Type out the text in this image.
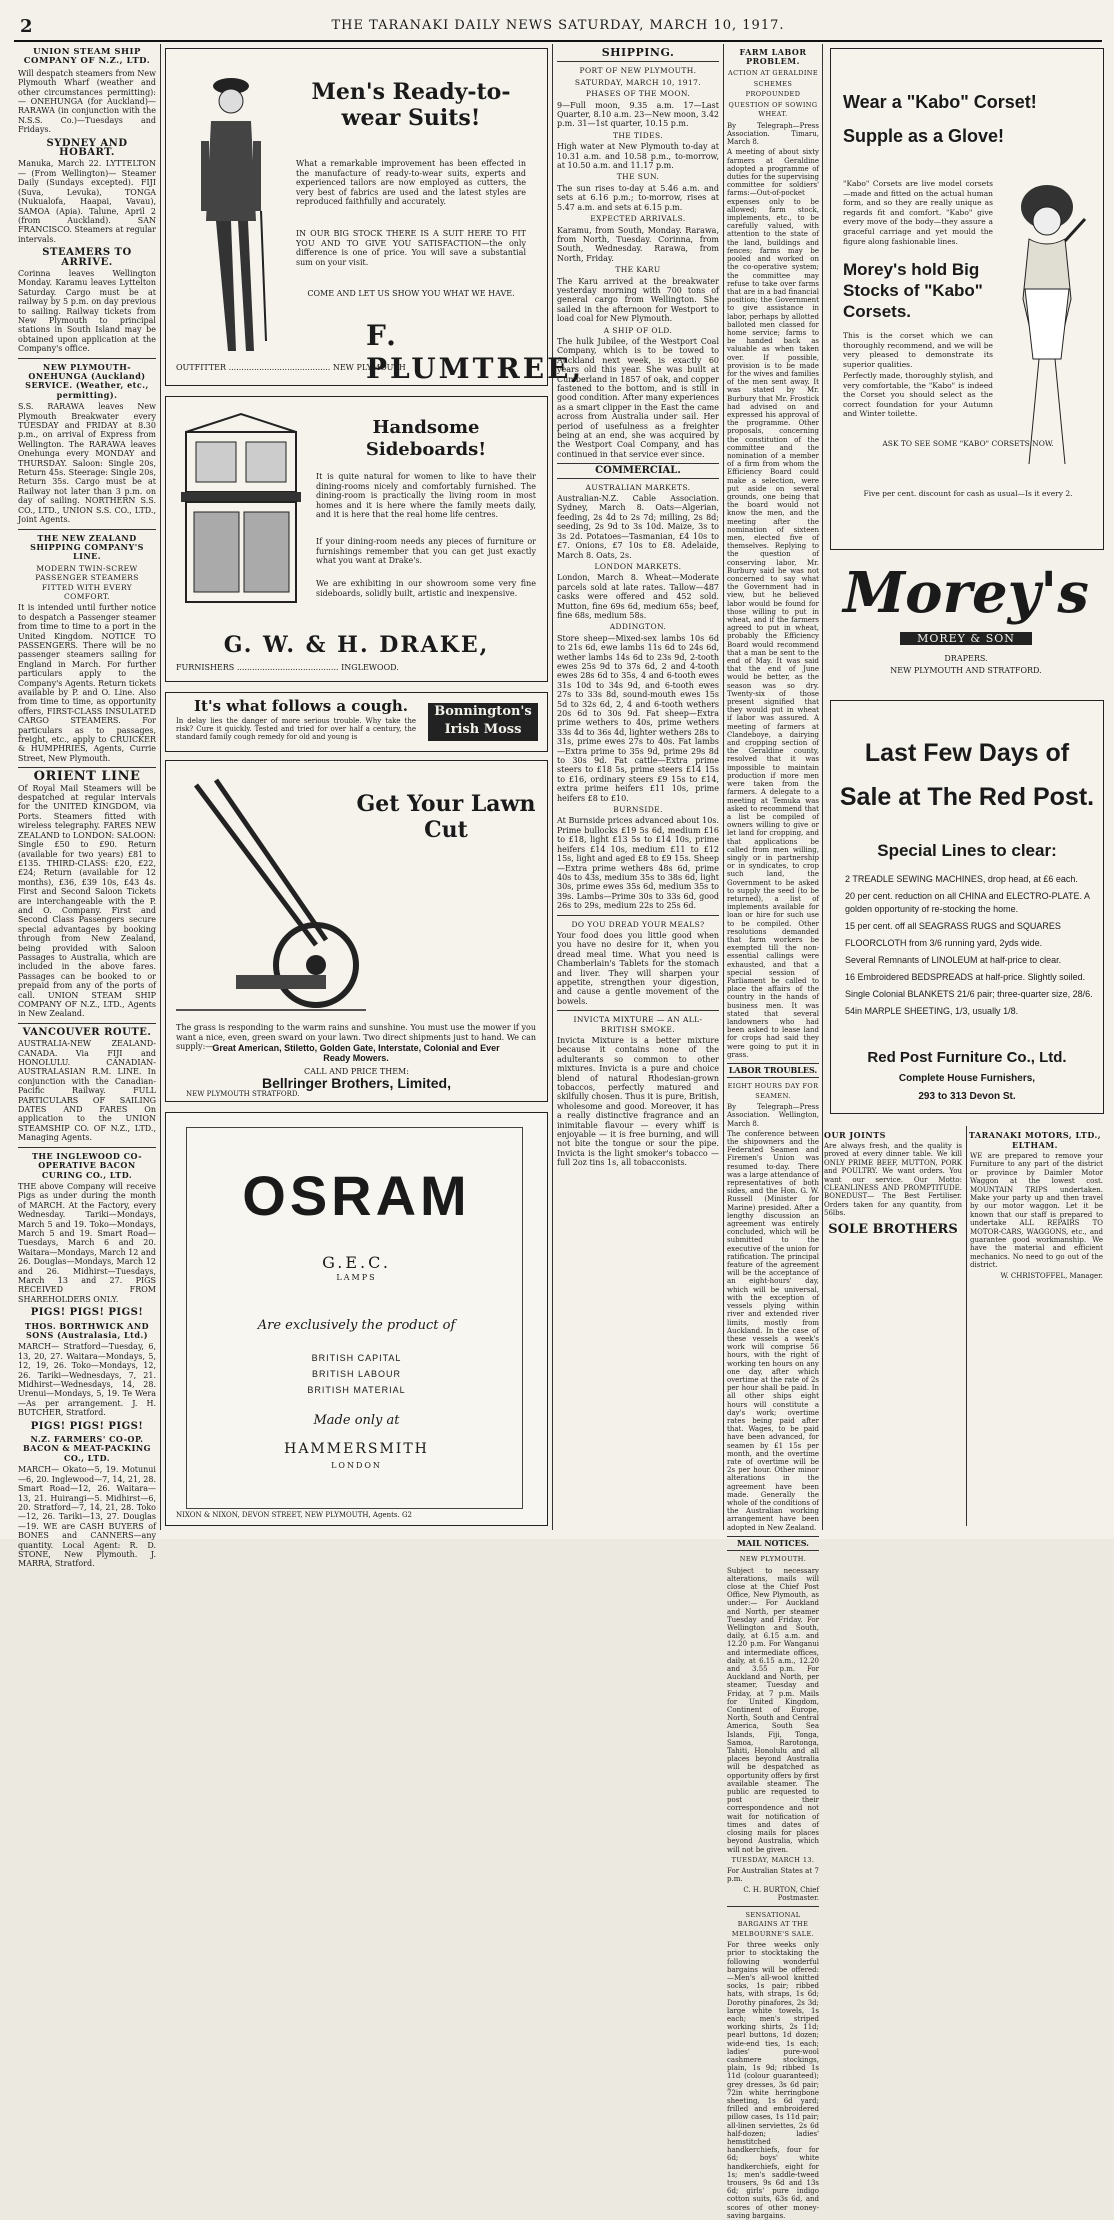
2	THE TARANAKI DAILY NEWS SATURDAY, MARCH 10, 1917.
UNION STEAM SHIP COMPANY OF N.Z., LTD.

Will despatch steamers from New Plymouth Wharf (weather and other circumstances permitting):— ONEHUNGA (for Auckland)— RARAWA (in conjunction with the N.S.S. Co.)—Tuesdays and Fridays.

SYDNEY AND HOBART.

Manuka, March 22. LYTTELTON— (From Wellington)— Steamer Daily (Sundays excepted). FIJI (Suva, Levuka), TONGA (Nukualofa, Haapai, Vavau), SAMOA (Apia). Talune, April 2 (from Auckland). SAN FRANCISCO. Steamers at regular intervals.

STEAMERS TO ARRIVE.

Corinna leaves Wellington Monday. Karamu leaves Lyttelton Saturday. Cargo must be at railway by 5 p.m. on day previous to sailing. Railway tickets from New Plymouth to principal stations in South Island may be obtained upon application at the Company's office.

NEW PLYMOUTH-ONEHUNGA (Auckland) SERVICE. (Weather, etc., permitting).

S.S. RARAWA leaves New Plymouth Breakwater every TUESDAY and FRIDAY at 8.30 p.m., on arrival of Express from Wellington. The RARAWA leaves Onehunga every MONDAY and THURSDAY. Saloon: Single 20s, Return 45s. Steerage: Single 20s, Return 35s. Cargo must be at Railway not later than 3 p.m. on day of sailing. NORTHERN S.S. CO., LTD., UNION S.S. CO., LTD., Joint Agents.

THE NEW ZEALAND SHIPPING COMPANY'S LINE.
MODERN TWIN-SCREW PASSENGER STEAMERS FITTED WITH EVERY COMFORT.

It is intended until further notice to despatch a Passenger steamer from time to time to a port in the United Kingdom. NOTICE TO PASSENGERS. There will be no passenger steamers sailing for England in March. For further particulars apply to the Company's Agents. Return tickets available by P. and O. Line. Also from time to time, as opportunity offers, FIRST-CLASS INSULATED CARGO STEAMERS. For particulars as to passages, freight, etc., apply to CRUICKER & HUMPHRIES, Agents, Currie Street, New Plymouth.

ORIENT LINE

Of Royal Mail Steamers will be despatched at regular intervals for the UNITED KINGDOM, via Ports. Steamers fitted with wireless telegraphy. FARES NEW ZEALAND to LONDON: SALOON: Single £50 to £90. Return (available for two years) £81 to £135. THIRD-CLASS: £20, £22, £24; Return (available for 12 months), £36, £39 10s, £43 4s. First and Second Saloon Tickets are interchangeable with the P. and O. Company. First and Second Class Passengers secure special advantages by booking through from New Zealand, being provided with Saloon Passages to Australia, which are included in the above fares. Passages can be booked to or prepaid from any of the ports of call. UNION STEAM SHIP COMPANY OF N.Z., LTD., Agents in New Zealand.

VANCOUVER ROUTE.

AUSTRALIA-NEW ZEALAND-CANADA. Via FIJI and HONOLULU. CANADIAN-AUSTRALASIAN R.M. LINE. In conjunction with the Canadian-Pacific Railway. FULL PARTICULARS OF SAILING DATES AND FARES On application to the UNION STEAMSHIP CO. OF N.Z., LTD., Managing Agents.

THE INGLEWOOD CO-OPERATIVE BACON CURING CO., LTD.

THE above Company will receive Pigs as under during the month of MARCH. At the Factory, every Wednesday. Tariki—Mondays, March 5 and 19. Toko—Mondays, March 5 and 19. Smart Road—Tuesdays, March 6 and 20. Waitara—Mondays, March 12 and 26. Douglas—Mondays, March 12 and 26. Midhirst—Tuesdays, March 13 and 27. PIGS RECEIVED FROM SHAREHOLDERS ONLY.

PIGS! PIGS! PIGS!
THOS. BORTHWICK AND SONS (Australasia, Ltd.)

MARCH— Stratford—Tuesday, 6, 13, 20, 27. Waitara—Mondays, 5, 12, 19, 26. Toko—Mondays, 12, 26. Tariki—Wednesdays, 7, 21. Midhirst—Wednesdays, 14, 28. Urenui—Mondays, 5, 19. Te Wera—As per arrangement. J. H. BUTCHER, Stratford.

PIGS! PIGS! PIGS!
N.Z. FARMERS' CO-OP. BACON & MEAT-PACKING CO., LTD.

MARCH— Okato—5, 19. Motunui—6, 20. Inglewood—7, 14, 21, 28. Smart Road—12, 26. Waitara—13, 21. Huirangi—5. Midhirst—6, 20. Stratford—7, 14, 21, 28. Toko—12, 26. Tariki—13, 27. Douglas—19. WE are CASH BUYERS of BONES and CANNERS—any quantity. Local Agent: R. D. STONE, New Plymouth. J. MARRA, Stratford.

Men's Ready-to-wear Suits!
What a remarkable improvement has been effected in the manufacture of ready-to-wear suits, experts and experienced tailors are now employed as cutters, the very best of fabrics are used and the latest styles are reproduced faithfully and accurately.
IN OUR BIG STOCK THERE IS A SUIT HERE TO FIT YOU AND TO GIVE YOU SATISFACTION—the only difference is one of price. You will save a substantial sum on your visit.
COME AND LET US SHOW YOU WHAT WE HAVE.
F. PLUMTREE,
OUTFITTER ........................................ NEW PLYMOUTH
Handsome Sideboards!
It is quite natural for women to like to have their dining-rooms nicely and comfortably furnished. The dining-room is practically the living room in most homes and it is here where the family meets daily, and it is here that the real home life centres.
If your dining-room needs any pieces of furniture or furnishings remember that you can get just exactly what you want at Drake's.
We are exhibiting in our showroom some very fine sideboards, solidly built, artistic and inexpensive.
G. W. & H. DRAKE,
FURNISHERS ........................................ INGLEWOOD.
It's what follows a cough.
In delay lies the danger of more serious trouble. Why take the risk? Cure it quickly. Tested and tried for over half a century, the standard family cough remedy for old and young is
Bonnington's Irish Moss
Get Your Lawn Cut
The grass is responding to the warm rains and sunshine. You must use the mower if you want a nice, even, green sward on your lawn. Two direct shipments just to hand. We can supply:— Great American, Stiletto, Golden Gate, Interstate, Colonial and Ever Ready Mowers.
CALL AND PRICE THEM:
Bellringer Brothers, Limited,
NEW PLYMOUTH STRATFORD.
OSRAM
G.E.C.
LAMPS
Are exclusively the product of
BRITISH CAPITAL
BRITISH LABOUR
BRITISH MATERIAL
Made only at
HAMMERSMITH
LONDON
NIXON & NIXON, DEVON STREET, NEW PLYMOUTH, Agents. G2
SHIPPING.
PORT OF NEW PLYMOUTH.
SATURDAY, MARCH 10, 1917.
PHASES OF THE MOON.

9—Full moon, 9.35 a.m. 17—Last Quarter, 8.10 a.m. 23—New moon, 3.42 p.m. 31—1st quarter, 10.15 p.m.

THE TIDES.

High water at New Plymouth to-day at 10.31 a.m. and 10.58 p.m., to-morrow, at 10.50 a.m. and 11.17 p.m.

THE SUN.

The sun rises to-day at 5.46 a.m. and sets at 6.16 p.m.; to-morrow, rises at 5.47 a.m. and sets at 6.15 p.m.

EXPECTED ARRIVALS.

Karamu, from South, Monday. Rarawa, from North, Tuesday. Corinna, from South, Wednesday. Rarawa, from North, Friday.

THE KARU

The Karu arrived at the breakwater yesterday morning with 700 tons of general cargo from Wellington. She sailed in the afternoon for Westport to load coal for New Plymouth.

A SHIP OF OLD.

The hulk Jubilee, of the Westport Coal Company, which is to be towed to Auckland next week, is exactly 60 years old this year. She was built at Cumberland in 1857 of oak, and copper fastened to the bottom, and is still in good condition. After many experiences as a smart clipper in the East the came across from Australia under sail. Her period of usefulness as a freighter being at an end, she was acquired by the Westport Coal Company, and has continued in that service ever since.

COMMERCIAL.
AUSTRALIAN MARKETS.

Australian-N.Z. Cable Association. Sydney, March 8. Oats—Algerian, feeding, 2s 4d to 2s 7d; milling, 2s 8d; seeding, 2s 9d to 3s 10d. Maize, 3s to 3s 2d. Potatoes—Tasmanian, £4 10s to £7. Onions, £7 10s to £8. Adelaide, March 8. Oats, 2s.

LONDON MARKETS.

London, March 8. Wheat—Moderate parcels sold at late rates. Tallow—487 casks were offered and 452 sold. Mutton, fine 69s 6d, medium 65s; beef, fine 68s, medium 58s.

ADDINGTON.

Store sheep—Mixed-sex lambs 10s 6d to 21s 6d, ewe lambs 11s 6d to 24s 6d, wether lambs 14s 6d to 23s 9d, 2-tooth ewes 25s 9d to 37s 6d, 2 and 4-tooth ewes 28s 6d to 35s, 4 and 6-tooth ewes 31s 10d to 34s 9d, and 6-tooth ewes 27s to 33s 8d, sound-mouth ewes 15s 5d to 32s 6d, 2, 4 and 6-tooth wethers 20s 6d to 30s 9d. Fat sheep—Extra prime wethers to 40s, prime wethers 33s 4d to 36s 4d, lighter wethers 28s to 31s, prime ewes 27s to 40s. Fat lambs—Extra prime to 35s 9d, prime 29s 8d to 30s 9d. Fat cattle—Extra prime steers to £18 5s, prime steers £14 15s to £16, ordinary steers £9 15s to £14, extra prime heifers £11 10s, prime heifers £8 to £10.

BURNSIDE.

At Burnside prices advanced about 10s. Prime bullocks £19 5s 6d, medium £16 to £18, light £13 5s to £14 10s, prime heifers £14 10s, medium £11 to £12 15s, light and aged £8 to £9 15s. Sheep—Extra prime wethers 48s 6d, prime 40s to 43s, medium 35s to 38s 6d, light 30s, prime ewes 35s 6d, medium 35s to 39s. Lambs—Prime 30s to 33s 6d, good 26s to 29s, medium 22s to 25s 6d.

DO YOU DREAD YOUR MEALS?

Your food does you little good when you have no desire for it, when you dread meal time. What you need is Chamberlain's Tablets for the stomach and liver. They will sharpen your appetite, strengthen your digestion, and cause a gentle movement of the bowels.

INVICTA MIXTURE — AN ALL-BRITISH SMOKE.

Invicta Mixture is a better mixture because it contains none of the adulterants so common to other mixtures. Invicta is a pure and choice blend of natural Rhodesian-grown tobaccos, perfectly matured and skilfully chosen. Thus it is pure, British, wholesome and good. Moreover, it has a really distinctive fragrance and an inimitable flavour — every whiff is enjoyable — it is free burning, and will not bite the tongue or sour the pipe. Invicta is the light smoker's tobacco — full 2oz tins 1s, all tobacconists.

FARM LABOR PROBLEM.
ACTION AT GERALDINE
SCHEMES PROPOUNDED
QUESTION OF SOWING WHEAT.

By Telegraph—Press Association. Timaru, March 8.

A meeting of about sixty farmers at Geraldine adopted a programme of duties for the supervising committee for soldiers' farms:—Out-of-pocket expenses only to be allowed; farm stock, implements, etc., to be carefully valued, with attention to the state of the land, buildings and fences; farms may be pooled and worked on the co-operative system; the committee may refuse to take over farms that are in a bad financial position; the Government to give assistance in labor, perhaps by allotted balloted men classed for home service; farms to be handed back as valuable as when taken over. If possible, provision is to be made for the wives and families of the men sent away. It was stated by Mr. Burbury that Mr. Frostick had advised on and expressed his approval of the programme. Other proposals, concerning the constitution of the committee and the nomination of a member of a firm from whom the Efficiency Board could make a selection, were put aside on several grounds, one being that the board would not know the men, and the meeting after the nomination of sixteen men, elected five of themselves. Replying to the question of conserving labor, Mr. Burbury said he was not concerned to say what the Government had in view, but he believed labor would be found for those willing to put in wheat, and if the farmers agreed to put in wheat, probably the Efficiency Board would recommend that a man be sent to the end of May. It was said that the end of June would be better, as the season was so dry. Twenty-six of those present signified that they would put in wheat if labor was assured. A meeting of farmers at Clandeboye, a dairying and cropping section of the Geraldine county, resolved that it was impossible to maintain production if more men were taken from the farmers. A delegate to a meeting at Temuka was asked to recommend that a list be compiled of owners willing to give or let land for cropping, and that applications be called from men willing, singly or in partnership or in syndicates, to crop such land, the Government to be asked to supply the seed (to be returned), a list of implements available for loan or hire for such use to be compiled. Other resolutions demanded that farm workers be exempted till the non-essential callings were exhausted, and that a special session of Parliament be called to place the affairs of the country in the hands of business men. It was stated that several landowners who had been asked to lease land for crops had said they were going to put it in grass.

LABOR TROUBLES.
EIGHT HOURS DAY FOR SEAMEN.

By Telegraph—Press Association. Wellington, March 8.

The conference between the shipowners and the Federated Seamen and Firemen's Union was resumed to-day. There was a large attendance of representatives of both sides, and the Hon. G. W. Russell (Minister for Marine) presided. After a lengthy discussion an agreement was entirely concluded, which will be submitted to the executive of the union for ratification. The principal feature of the agreement will be the acceptance of an eight-hours' day, which will be universal, with the exception of vessels plying within river and extended river limits, mostly from Auckland. In the case of these vessels a week's work will comprise 56 hours, with the right of working ten hours on any one day, after which overtime at the rate of 2s per hour shall be paid. In all other ships eight hours will constitute a day's work; overtime rates being paid after that. Wages, to be paid have been advanced, for seamen by £1 15s per month, and the overtime rate of overtime will be 2s per hour. Other minor alterations in the agreement have been made. Generally the whole of the conditions of the Australian working arrangement have been adopted in New Zealand.

MAIL NOTICES.
NEW PLYMOUTH.

Subject to necessary alterations, mails will close at the Chief Post Office, New Plymouth, as under:— For Auckland and North, per steamer Tuesday and Friday. For Wellington and South, daily, at 6.15 a.m. and 12.20 p.m. For Wanganui and intermediate offices, daily, at 6.15 a.m., 12.20 and 3.55 p.m. For Auckland and North, per steamer, Tuesday and Friday, at 7 p.m. Mails for United Kingdom, Continent of Europe, North, South and Central America, South Sea Islands, Fiji, Tonga, Samoa, Rarotonga, Tahiti, Honolulu and all places beyond Australia will be despatched as opportunity offers by first available steamer. The public are requested to post their correspondence and not wait for notification of times and dates of closing mails for places beyond Australia, which will not be given.

TUESDAY, MARCH 13.

For Australian States at 7 p.m.

C. H. BURTON, Chief Postmaster.

SENSATIONAL BARGAINS AT THE MELBOURNE'S SALE.

For three weeks only prior to stocktaking the following wonderful bargains will be offered:—Men's all-wool knitted socks, 1s pair; ribbed hats, with straps, 1s 6d; Dorothy pinafores, 2s 3d; large white towels, 1s each; men's striped working shirts, 2s 11d; pearl buttons, 1d dozen; wide-end ties, 1s each; ladies' pure-wool cashmere stockings, plain, 1s 9d; ribbed 1s 11d (colour guaranteed); grey dresses, 3s 6d pair; 72in white herringbone sheeting, 1s 6d yard; frilled and embroidered pillow cases, 1s 11d pair; all-linen serviettes, 2s 6d half-dozen; ladies' hemstitched handkerchiefs, four for 6d; boys' white handkerchiefs, eight for 1s; men's saddle-tweed trousers, 9s 6d and 13s 6d; girls' pure indigo cotton suits, 63s 6d, and scores of other money-saving bargains.

Wear a "Kabo" Corset! Supple as a Glove!
"Kabo" Corsets are live model corsets —made and fitted on the actual human form, and so they are really unique as regards fit and comfort. "Kabo" give every move of the body—they assure a graceful carriage and yet mould the figure along fashionable lines.
Morey's hold Big Stocks of "Kabo" Corsets.
This is the corset which we can thoroughly recommend, and we will be very pleased to demonstrate its superior qualities.
Perfectly made, thoroughly stylish, and very comfortable, the "Kabo" is indeed the Corset you should select as the correct foundation for your Autumn and Winter toilette.
ASK TO SEE SOME "KABO" CORSETS NOW.
Five per cent. discount for cash as usual—Is it every 2.
Morey's
MOREY & SON
DRAPERS.
NEW PLYMOUTH AND STRATFORD.
Last Few Days of Sale at The Red Post.
Special Lines to clear:
2 TREADLE SEWING MACHINES, drop head, at £6 each.
20 per cent. reduction on all CHINA and ELECTRO-PLATE. A golden opportunity of re-stocking the home.
15 per cent. off all SEAGRASS RUGS and SQUARES
FLOORCLOTH from 3/6 running yard, 2yds wide.
Several Remnants of LINOLEUM at half-price to clear.
16 Embroidered BEDSPREADS at half-price. Slightly soiled.
Single Colonial BLANKETS 21/6 pair; three-quarter size, 28/6.
54in MARPLE SHEETING, 1/3, usually 1/8.
Red Post Furniture Co., Ltd.
Complete House Furnishers,
293 to 313 Devon St.
OUR JOINTS

Are always fresh, and the quality is proved at every dinner table. We kill ONLY PRIME BEEF, MUTTON, PORK and POULTRY. We want orders. You want our service. Our Motto: CLEANLINESS AND PROMPTITUDE. BONEDUST— The Best Fertiliser. Orders taken for any quantity, from 56lbs.

SOLE BROTHERS
TARANAKI MOTORS, LTD., ELTHAM.

WE are prepared to remove your Furniture to any part of the district or province by Daimler Motor Waggon at the lowest cost. MOUNTAIN TRIPS undertaken. Make your party up and then travel by our motor waggon. Let it be known that our staff is prepared to undertake ALL REPAIRS TO MOTOR-CARS, WAGGONS, etc., and guarantee good workmanship. We have the material and efficient mechanics. No need to go out of the district.

W. CHRISTOFFEL, Manager.
